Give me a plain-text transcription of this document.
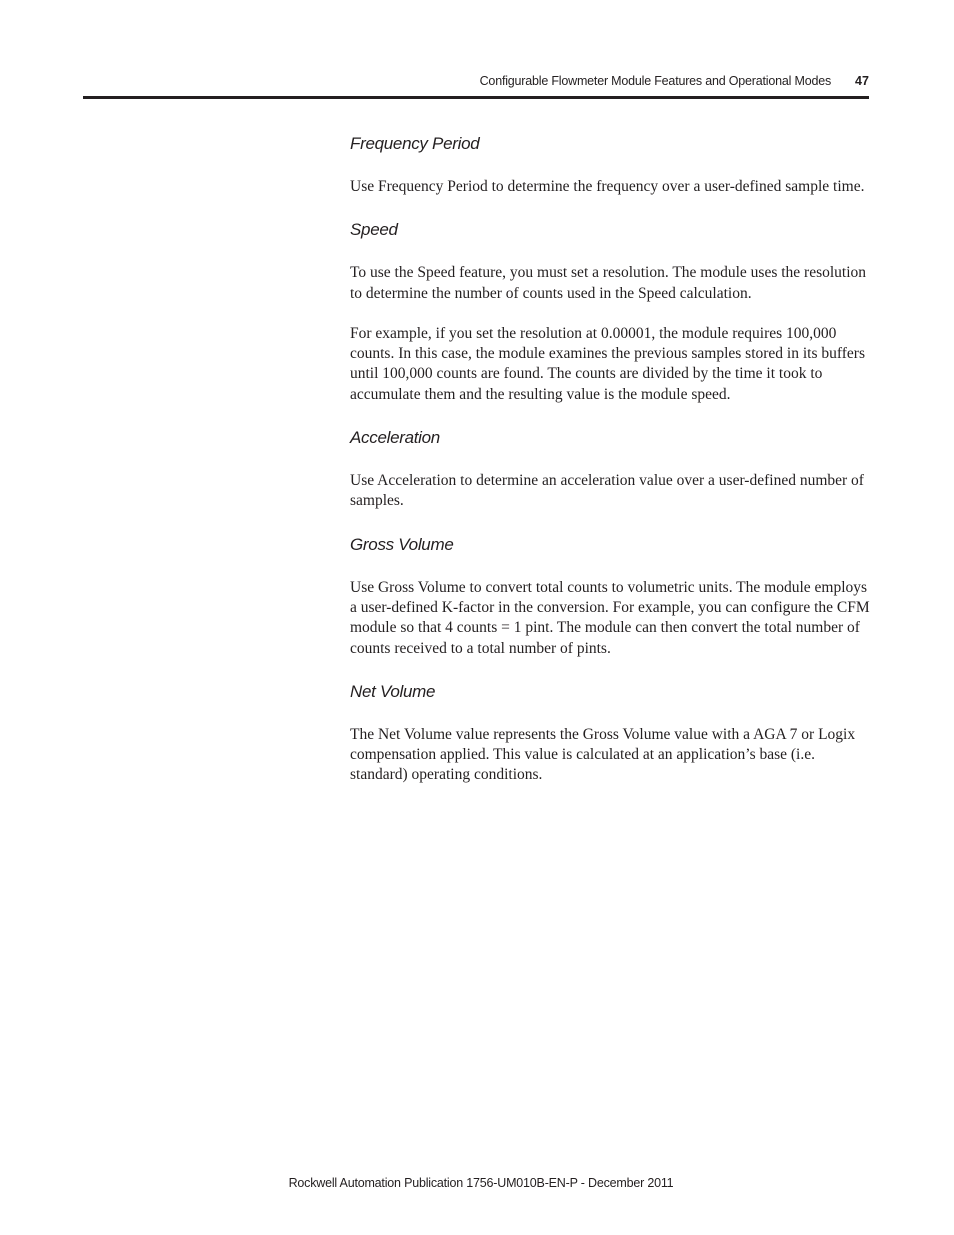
Configurable Flowmeter Module Features and Operational Modes 47
Frequency Period

Use Frequency Period to determine the frequency over a user-defined sample time.

Speed

To use the Speed feature, you must set a resolution. The module uses the resolution to determine the number of counts used in the Speed calculation.

For example, if you set the resolution at 0.00001, the module requires 100,000 counts. In this case, the module examines the previous samples stored in its buffers until 100,000 counts are found. The counts are divided by the time it took to accumulate them and the resulting value is the module speed.

Acceleration

Use Acceleration to determine an acceleration value over a user-defined number of samples.

Gross Volume

Use Gross Volume to convert total counts to volumetric units. The module employs a user-defined K-factor in the conversion. For example, you can configure the CFM module so that 4 counts = 1 pint. The module can then convert the total number of counts received to a total number of pints.

Net Volume

The Net Volume value represents the Gross Volume value with a AGA 7 or Logix compensation applied. This value is calculated at an application’s base (i.e. standard) operating conditions.

Rockwell Automation Publication 1756-UM010B-EN-P - December 2011
